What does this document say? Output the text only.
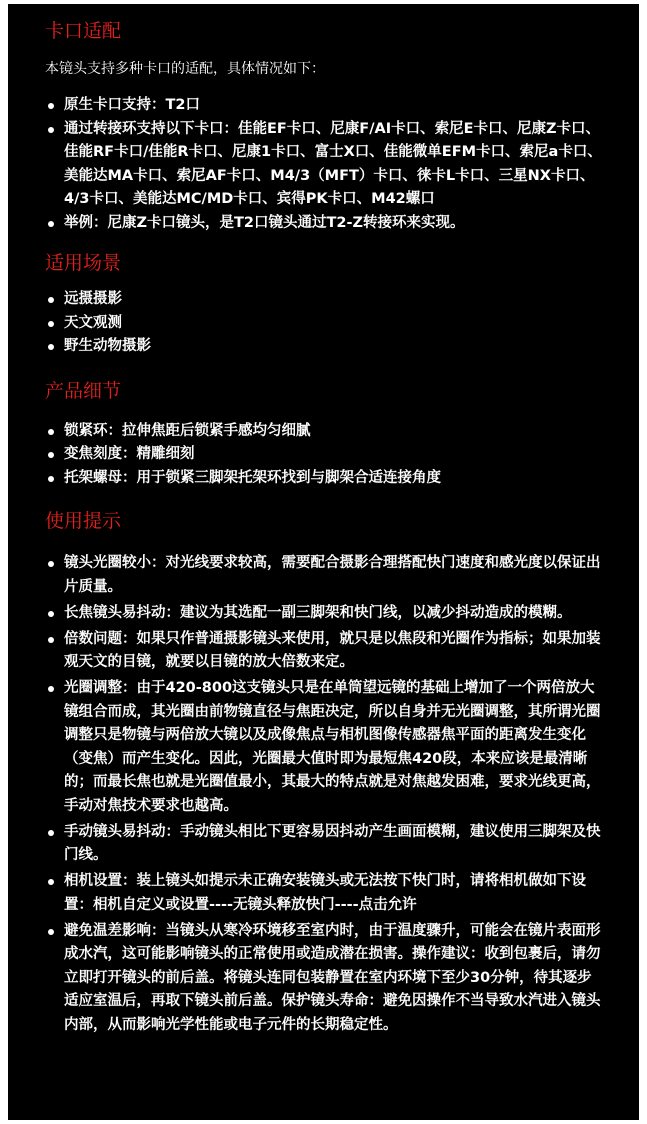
卡口适配

本镜头支持多种卡口的适配，具体情况如下：

原生卡口支持：T2口
通过转接环支持以下卡口：佳能EF卡口、尼康F/AI卡口、索尼E卡口、尼康Z卡口、佳能RF卡口/佳能R卡口、尼康1卡口、富士X口、佳能微单EFM卡口、索尼a卡口、美能达MA卡口、索尼AF卡口、M4/3（MFT）卡口、徕卡L卡口、三星NX卡口、4/3卡口、美能达MC/MD卡口、宾得PK卡口、M42螺口
举例：尼康Z卡口镜头，是T2口镜头通过T2-Z转接环来实现。
适用场景
远摄摄影
天文观测
野生动物摄影
产品细节
锁紧环：拉伸焦距后锁紧手感均匀细腻
变焦刻度：精雕细刻
托架螺母：用于锁紧三脚架托架环找到与脚架合适连接角度
使用提示
镜头光圈较小：对光线要求较高，需要配合摄影合理搭配快门速度和感光度以保证出片质量。
长焦镜头易抖动：建议为其选配一副三脚架和快门线，以减少抖动造成的模糊。
倍数问题：如果只作普通摄影镜头来使用，就只是以焦段和光圈作为指标；如果加装观天文的目镜，就要以目镜的放大倍数来定。
光圈调整：由于420-800这支镜头只是在单筒望远镜的基础上增加了一个两倍放大镜组合而成，其光圈由前物镜直径与焦距决定，所以自身并无光圈调整，其所谓光圈调整只是物镜与两倍放大镜以及成像焦点与相机图像传感器焦平面的距离发生变化（变焦）而产生变化。因此，光圈最大值时即为最短焦420段，本来应该是最清晰的；而最长焦也就是光圈值最小，其最大的特点就是对焦越发困难，要求光线更高，手动对焦技术要求也越高。
手动镜头易抖动：手动镜头相比下更容易因抖动产生画面模糊，建议使用三脚架及快门线。
相机设置：装上镜头如提示未正确安装镜头或无法按下快门时，请将相机做如下设置：相机自定义或设置----无镜头释放快门----点击允许
避免温差影响：当镜头从寒冷环境移至室内时，由于温度骤升，可能会在镜片表面形成水汽，这可能影响镜头的正常使用或造成潜在损害。操作建议：收到包裹后，请勿立即打开镜头的前后盖。将镜头连同包装静置在室内环境下至少30分钟，待其逐步适应室温后，再取下镜头前后盖。保护镜头寿命：避免因操作不当导致水汽进入镜头内部，从而影响光学性能或电子元件的长期稳定性。
